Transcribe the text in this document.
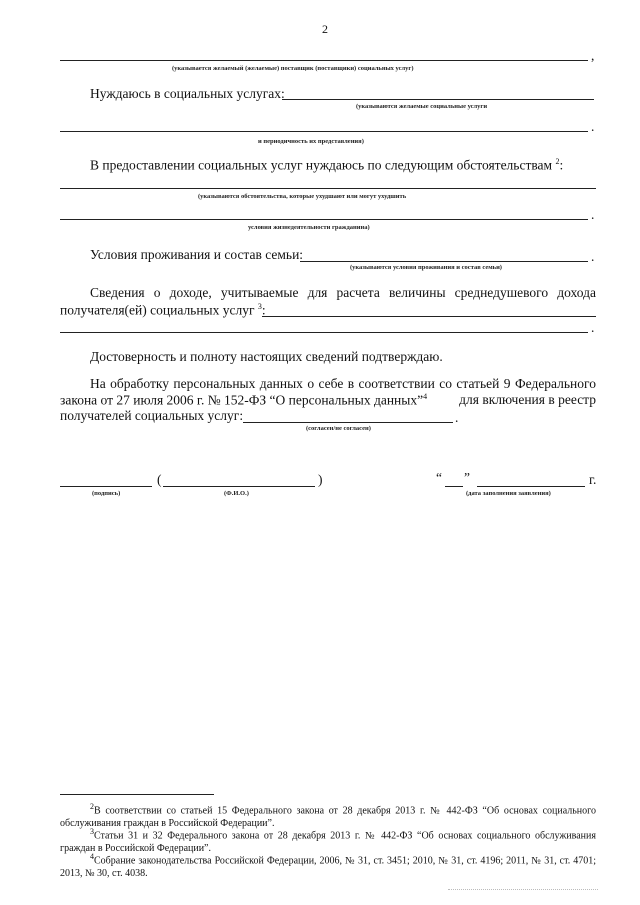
2
,
(указывается желаемый (желаемые) поставщик (поставщики) социальных услуг)
Нуждаюсь в социальных услугах:
(указываются желаемые социальные услуги
.
и периодичность их представления)
В предоставлении социальных услуг нуждаюсь по следующим обстоятельствам $^2$:
(указываются обстоятельства, которые ухудшают или могут ухудшить
.
условия жизнедеятельности гражданина)
Условия проживания и состав семьи:	.
(указываются условия проживания и состав семьи)
Сведения о доходе, учитываемые для расчета величины среднедушевого дохода
получателя(ей) социальных услуг $^3$:
.
Достоверность и полноту настоящих сведений подтверждаю.
На обработку персональных данных о себе в соответствии со статьей 9 Федерального
закона от 27 июля 2006 г. № 152-ФЗ “О персональных данных”$^4$ для включения в реестр
получателей социальных услуг:	.
(согласен/не согласен)
(	)
(подпись)	(Ф.И.О.)
“ ”	г.
(дата заполнения заявления)
$^2$В соответствии со статьей 15 Федерального закона от 28 декабря 2013 г. № 442-ФЗ “Об основах социального обслуживания граждан в Российской Федерации”.
$^3$Статьи 31 и 32 Федерального закона от 28 декабря 2013 г. № 442-ФЗ “Об основах социального обслуживания граждан в Российской Федерации”.
$^4$Собрание законодательства Российской Федерации, 2006, № 31, ст. 3451; 2010, № 31, ст. 4196; 2011, № 31, ст. 4701; 2013, № 30, ст. 4038.
